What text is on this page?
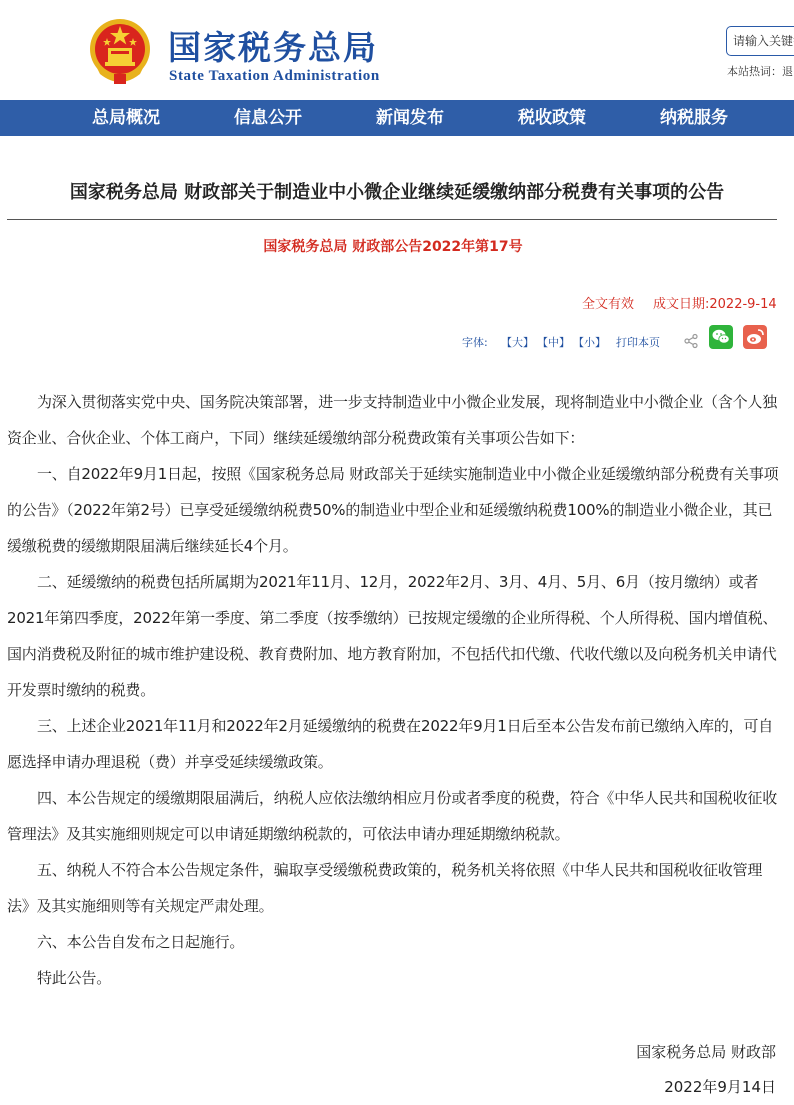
国家税务总局
State Taxation Administration
请输入关键字	本站热词：退
总局概况	信息公开	新闻发布	税收政策	纳税服务
国家税务总局 财政部关于制造业中小微企业继续延缓缴纳部分税费有关事项的公告
国家税务总局 财政部公告2022年第17号
全文有效 成文日期:2022-9-14
字体: 【大】 【中】 【小】 打印本页

为深入贯彻落实党中央、国务院决策部署，进一步支持制造业中小微企业发展，现将制造业中小微企业（含个人独资企业、合伙企业、个体工商户，下同）继续延缓缴纳部分税费政策有关事项公告如下：

一、自2022年9月1日起，按照《国家税务总局 财政部关于延续实施制造业中小微企业延缓缴纳部分税费有关事项的公告》（2022年第2号）已享受延缓缴纳税费50%的制造业中型企业和延缓缴纳税费100%的制造业小微企业，其已缓缴税费的缓缴期限届满后继续延长4个月。

二、延缓缴纳的税费包括所属期为2021年11月、12月，2022年2月、3月、4月、5月、6月（按月缴纳）或者2021年第四季度，2022年第一季度、第二季度（按季缴纳）已按规定缓缴的企业所得税、个人所得税、国内增值税、国内消费税及附征的城市维护建设税、教育费附加、地方教育附加，不包括代扣代缴、代收代缴以及向税务机关申请代开发票时缴纳的税费。

三、上述企业2021年11月和2022年2月延缓缴纳的税费在2022年9月1日后至本公告发布前已缴纳入库的，可自愿选择申请办理退税（费）并享受延续缓缴政策。

四、本公告规定的缓缴期限届满后，纳税人应依法缴纳相应月份或者季度的税费，符合《中华人民共和国税收征收管理法》及其实施细则规定可以申请延期缴纳税款的，可依法申请办理延期缴纳税款。

五、纳税人不符合本公告规定条件，骗取享受缓缴税费政策的，税务机关将依照《中华人民共和国税收征收管理法》及其实施细则等有关规定严肃处理。

六、本公告自发布之日起施行。

特此公告。

国家税务总局 财政部
2022年9月14日
